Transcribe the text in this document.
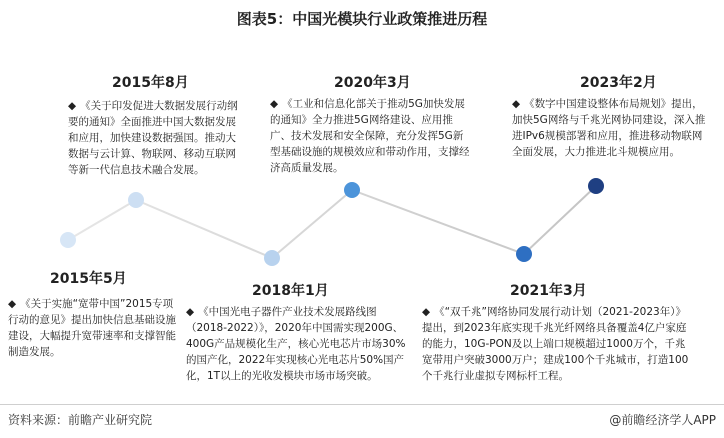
图表5：中国光模块行业政策推进历程
2015年8月
◆ 《关于印发促进大数据发展行动纲要的通知》全面推进中国大数据发展和应用，加快建设数据强国。推动大数据与云计算、物联网、移动互联网等新一代信息技术融合发展。
2015年5月
◆ 《关于实施“宽带中国”2015专项行动的意见》提出加快信息基础设施建设，大幅提升宽带速率和支撑智能制造发展。
2018年1月
◆ 《中国光电子器件产业技术发展路线图（2018-2022）》，2020年中国需实现200G、400G产品规模化生产，核心光电芯片市场30%的国产化，2022年实现核心光电芯片50%国产化，1T以上的光收发模块市场市场突破。
2020年3月
◆ 《工业和信息化部关于推动5G加快发展的通知》全力推进5G网络建设、应用推广、技术发展和安全保障，充分发挥5G新型基础设施的规模效应和带动作用，支撑经济高质量发展。
2021年3月
◆ 《“双千兆”网络协同发展行动计划（2021-2023年）》提出，到2023年底实现千兆光纤网络具备覆盖4亿户家庭的能力，10G-PON及以上端口规模超过1000万个，千兆宽带用户突破3000万户；建成100个千兆城市，打造100个千兆行业虚拟专网标杆工程。
2023年2月
◆ 《数字中国建设整体布局规划》提出，加快5G网络与千兆光网协同建设，深入推进IPv6规模部署和应用，推进移动物联网全面发展，大力推进北斗规模应用。
资料来源：前瞻产业研究院	@前瞻经济学人APP
